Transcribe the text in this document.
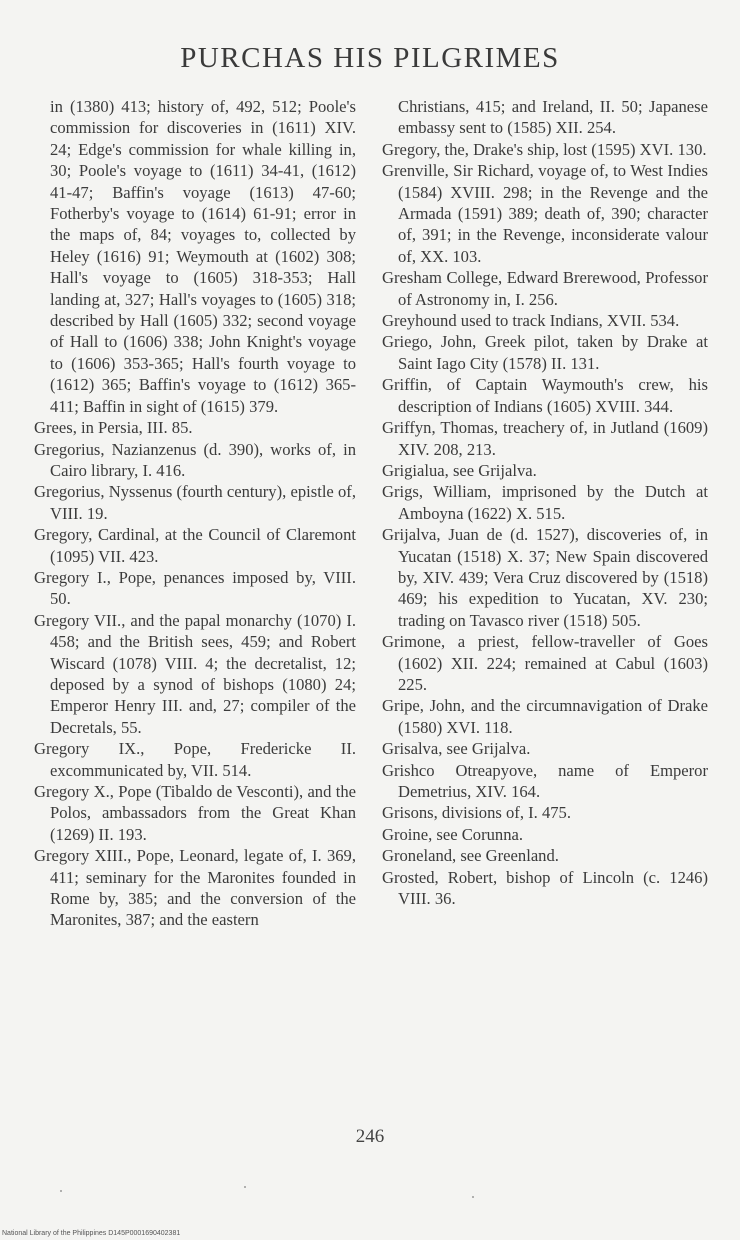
PURCHAS HIS PILGRIMES

in (1380) 413; history of, 492, 512; Poole's commission for discoveries in (1611) XIV. 24; Edge's commission for whale killing in, 30; Poole's voyage to (1611) 34-41, (1612) 41-47; Baffin's voyage (1613) 47-60; Fotherby's voyage to (1614) 61-91; error in the maps of, 84; voyages to, collected by Heley (1616) 91; Weymouth at (1602) 308; Hall's voyage to (1605) 318-353; Hall landing at, 327; Hall's voyages to (1605) 318; described by Hall (1605) 332; second voyage of Hall to (1606) 338; John Knight's voyage to (1606) 353-365; Hall's fourth voyage to (1612) 365; Baffin's voyage to (1612) 365-411; Baffin in sight of (1615) 379.

Grees, in Persia, III. 85.

Gregorius, Nazianzenus (d. 390), works of, in Cairo library, I. 416.

Gregorius, Nyssenus (fourth century), epistle of, VIII. 19.

Gregory, Cardinal, at the Council of Claremont (1095) VII. 423.

Gregory I., Pope, penances imposed by, VIII. 50.

Gregory VII., and the papal monarchy (1070) I. 458; and the British sees, 459; and Robert Wiscard (1078) VIII. 4; the decretalist, 12; deposed by a synod of bishops (1080) 24; Emperor Henry III. and, 27; compiler of the Decretals, 55.

Gregory IX., Pope, Fredericke II. excommunicated by, VII. 514.

Gregory X., Pope (Tibaldo de Vesconti), and the Polos, ambassadors from the Great Khan (1269) II. 193.

Gregory XIII., Pope, Leonard, legate of, I. 369, 411; seminary for the Maronites founded in Rome by, 385; and the conversion of the Maronites, 387; and the eastern

Christians, 415; and Ireland, II. 50; Japanese embassy sent to (1585) XII. 254.

Gregory, the, Drake's ship, lost (1595) XVI. 130.

Grenville, Sir Richard, voyage of, to West Indies (1584) XVIII. 298; in the Revenge and the Armada (1591) 389; death of, 390; character of, 391; in the Revenge, inconsiderate valour of, XX. 103.

Gresham College, Edward Brerewood, Professor of Astronomy in, I. 256.

Greyhound used to track Indians, XVII. 534.

Griego, John, Greek pilot, taken by Drake at Saint Iago City (1578) II. 131.

Griffin, of Captain Waymouth's crew, his description of Indians (1605) XVIII. 344.

Griffyn, Thomas, treachery of, in Jutland (1609) XIV. 208, 213.

Grigialua, see Grijalva.

Grigs, William, imprisoned by the Dutch at Amboyna (1622) X. 515.

Grijalva, Juan de (d. 1527), discoveries of, in Yucatan (1518) X. 37; New Spain discovered by, XIV. 439; Vera Cruz discovered by (1518) 469; his expedition to Yucatan, XV. 230; trading on Tavasco river (1518) 505.

Grimone, a priest, fellow-traveller of Goes (1602) XII. 224; remained at Cabul (1603) 225.

Gripe, John, and the circumnavigation of Drake (1580) XVI. 118.

Grisalva, see Grijalva.

Grishco Otreapyove, name of Emperor Demetrius, XIV. 164.

Grisons, divisions of, I. 475.

Groine, see Corunna.

Groneland, see Greenland.

Grosted, Robert, bishop of Lincoln (c. 1246) VIII. 36.

246
National Library of the Philippines D145P0001690402381
